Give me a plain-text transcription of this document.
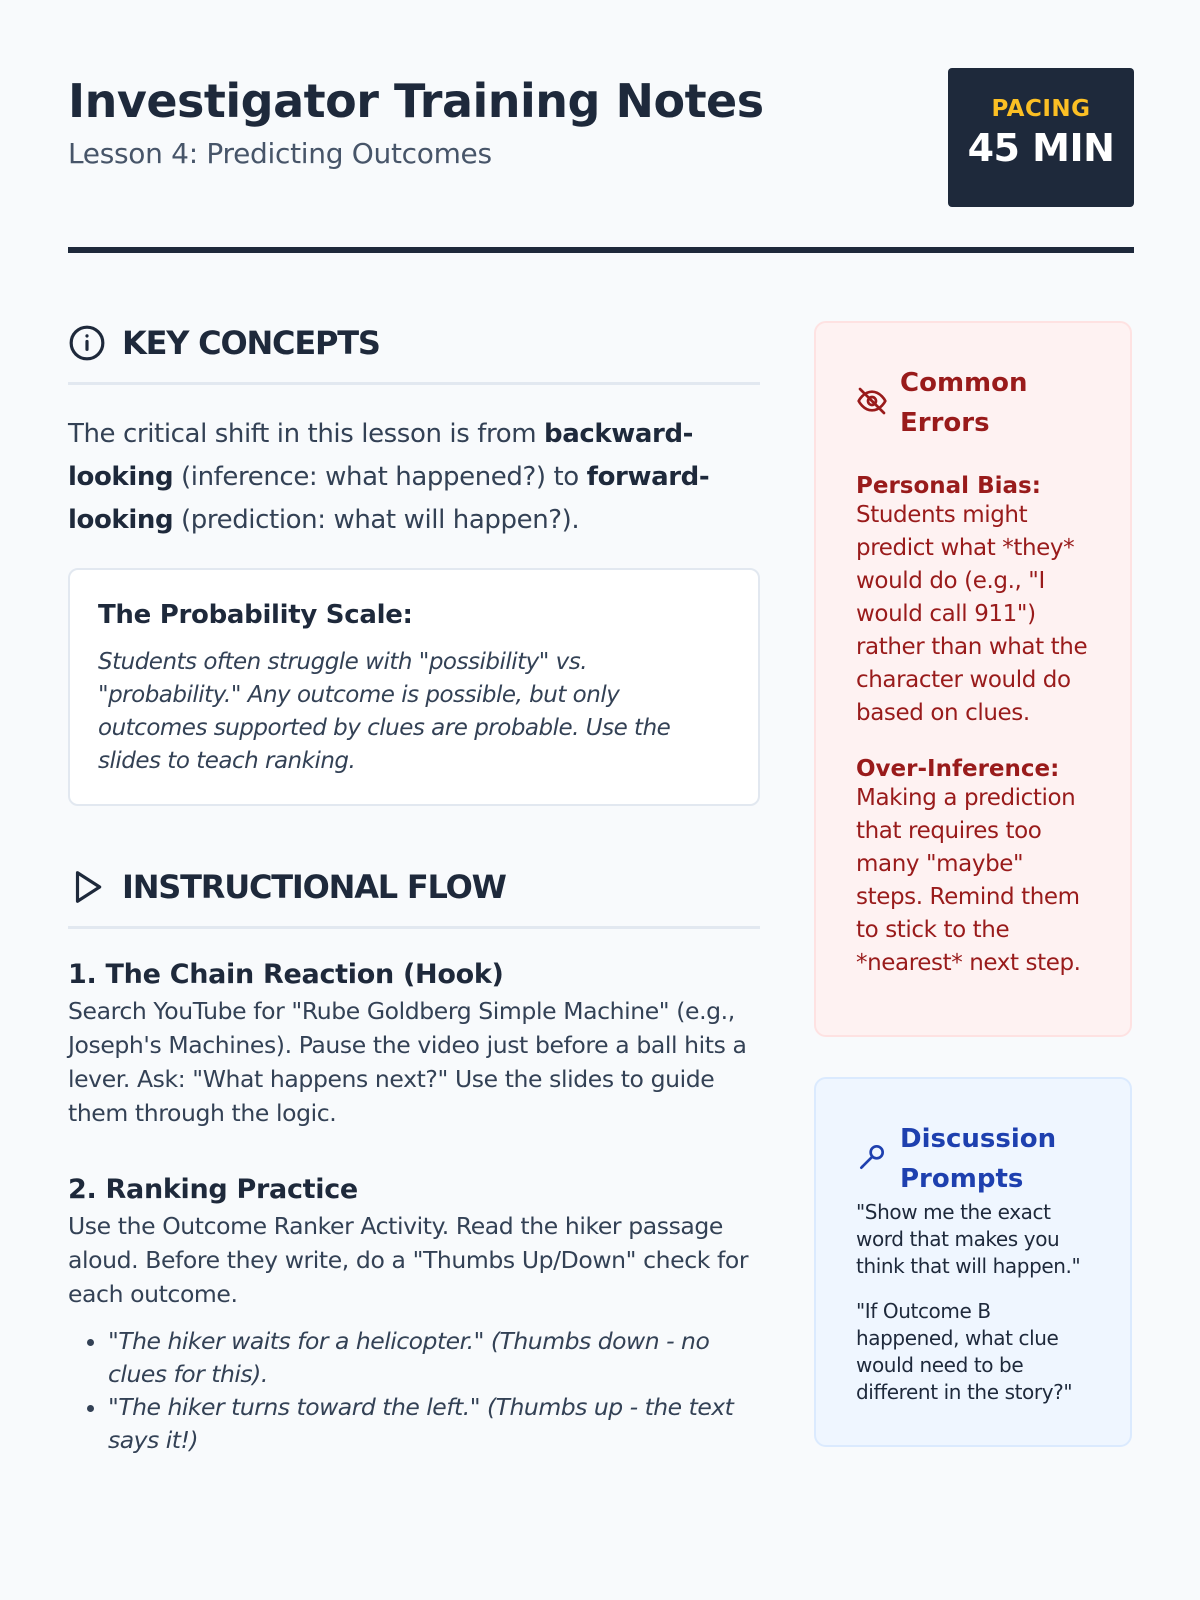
Investigator Training Notes
Lesson 4: Predicting Outcomes
PACING
45 MIN
KEY CONCEPTS
The critical shift in this lesson is from backward-looking (inference: what happened?) to forward-looking (prediction: what will happen?).
The Probability Scale:
Students often struggle with "possibility" vs. "probability." Any outcome is possible, but only outcomes supported by clues are probable. Use the slides to teach ranking.
INSTRUCTIONAL FLOW
1. The Chain Reaction (Hook)
Search YouTube for "Rube Goldberg Simple Machine" (e.g., Joseph's Machines). Pause the video just before a ball hits a lever. Ask: "What happens next?" Use the slides to guide them through the logic.
2. Ranking Practice
Use the Outcome Ranker Activity. Read the hiker passage aloud. Before they write, do a "Thumbs Up/Down" check for each outcome.
• "The hiker waits for a helicopter." (Thumbs down - no clues for this).
• "The hiker turns toward the left." (Thumbs up - the text says it!)
Common Errors
Personal Bias:
Students might predict what *they* would do (e.g., "I would call 911") rather than what the character would do based on clues.
Over-Inference:
Making a prediction that requires too many "maybe" steps. Remind them to stick to the *nearest* next step.
Discussion Prompts
"Show me the exact word that makes you think that will happen."
"If Outcome B happened, what clue would need to be different in the story?"
